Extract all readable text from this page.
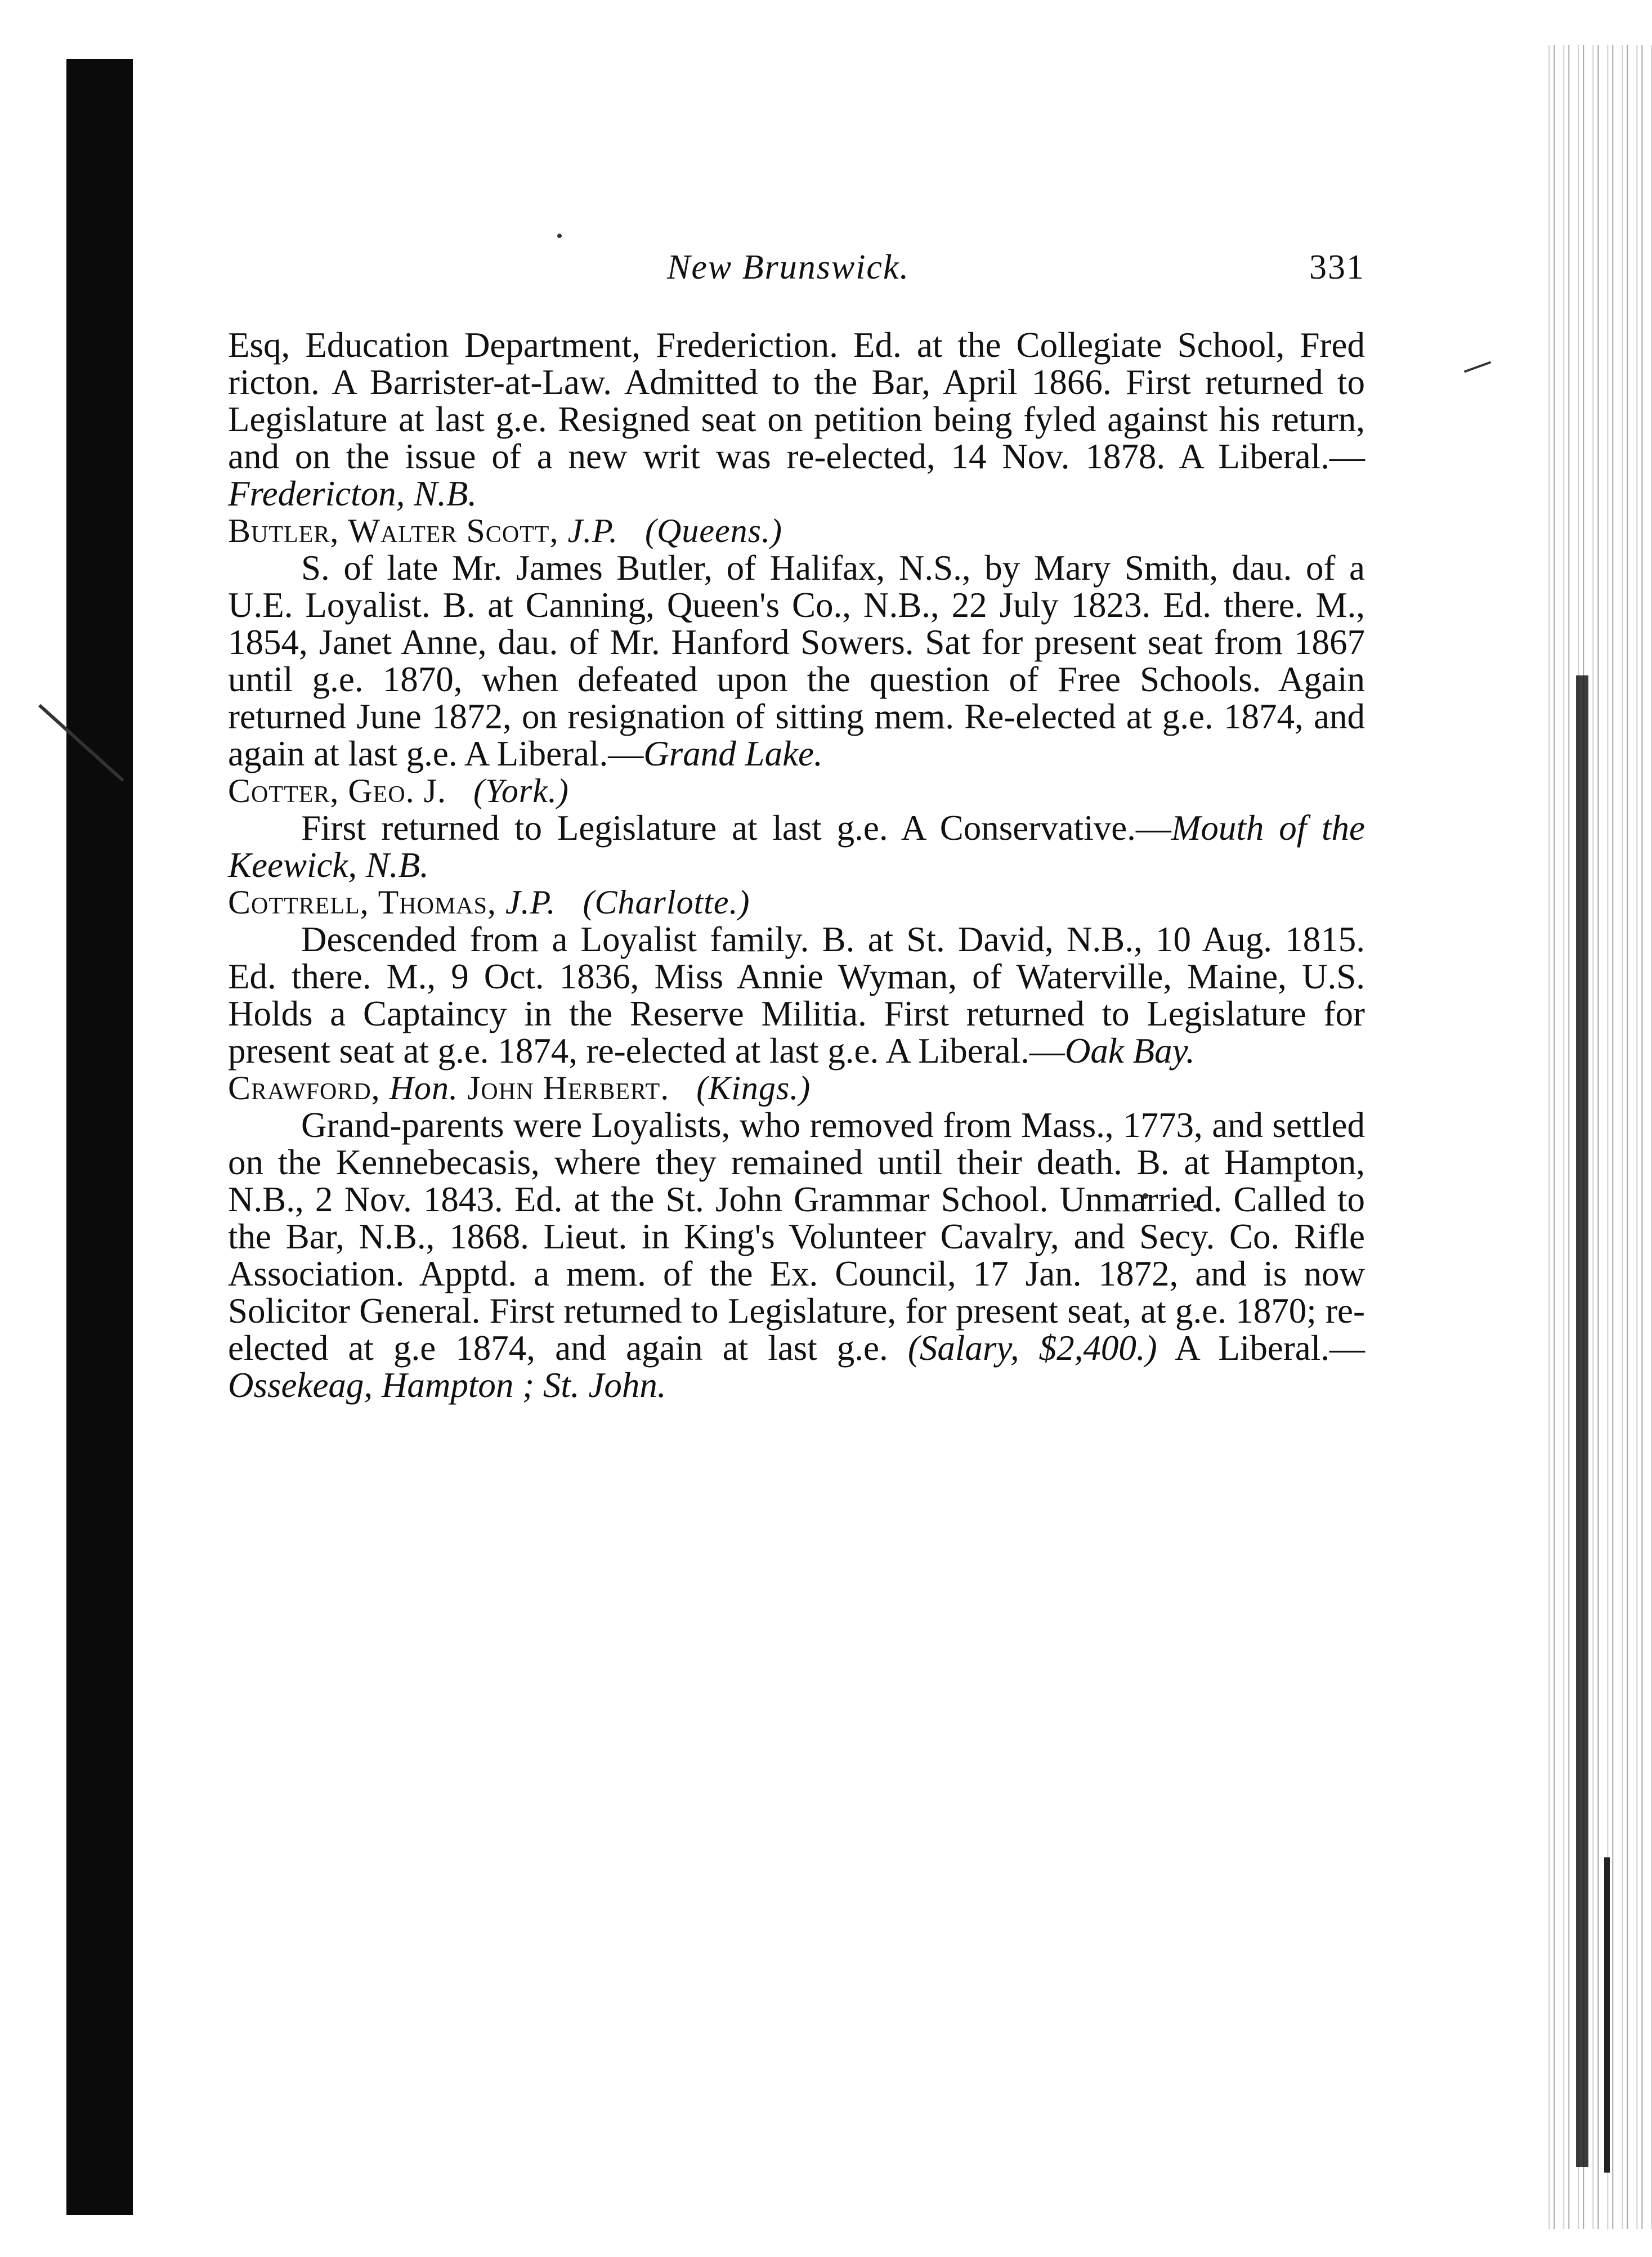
New Brunswick.	331

Esq, Education Department, Frederiction. Ed. at the Collegiate School, Fred ricton. A Barrister-at-Law. Admitted to the Bar, April 1866. First returned to Legislature at last g.e. Resigned seat on petition being fyled against his return, and on the issue of a new writ was re-elected, 14 Nov. 1878. A Liberal.—Fredericton, N.B.

Butler, Walter Scott, J.P. (Queens.)

S. of late Mr. James Butler, of Halifax, N.S., by Mary Smith, dau. of a U.E. Loyalist. B. at Canning, Queen's Co., N.B., 22 July 1823. Ed. there. M., 1854, Janet Anne, dau. of Mr. Hanford Sowers. Sat for present seat from 1867 until g.e. 1870, when defeated upon the question of Free Schools. Again returned June 1872, on resignation of sitting mem. Re-elected at g.e. 1874, and again at last g.e. A Liberal.—Grand Lake.

Cotter, Geo. J. (York.)

First returned to Legislature at last g.e. A Conservative.—Mouth of the Keewick, N.B.

Cottrell, Thomas, J.P. (Charlotte.)

Descended from a Loyalist family. B. at St. David, N.B., 10 Aug. 1815. Ed. there. M., 9 Oct. 1836, Miss Annie Wyman, of Waterville, Maine, U.S. Holds a Captaincy in the Reserve Militia. First returned to Legislature for present seat at g.e. 1874, re-elected at last g.e. A Liberal.—Oak Bay.

Crawford, Hon. John Herbert. (Kings.)

Grand-parents were Loyalists, who removed from Mass., 1773, and settled on the Kennebecasis, where they remained until their death. B. at Hampton, N.B., 2 Nov. 1843. Ed. at the St. John Grammar School. Unmarried. Called to the Bar, N.B., 1868. Lieut. in King's Volunteer Cavalry, and Secy. Co. Rifle Association. Apptd. a mem. of the Ex. Council, 17 Jan. 1872, and is now Solicitor General. First returned to Legislature, for present seat, at g.e. 1870; re-elected at g.e 1874, and again at last g.e. (Salary, $2,400.) A Liberal.—Ossekeag, Hampton ; St. John.
